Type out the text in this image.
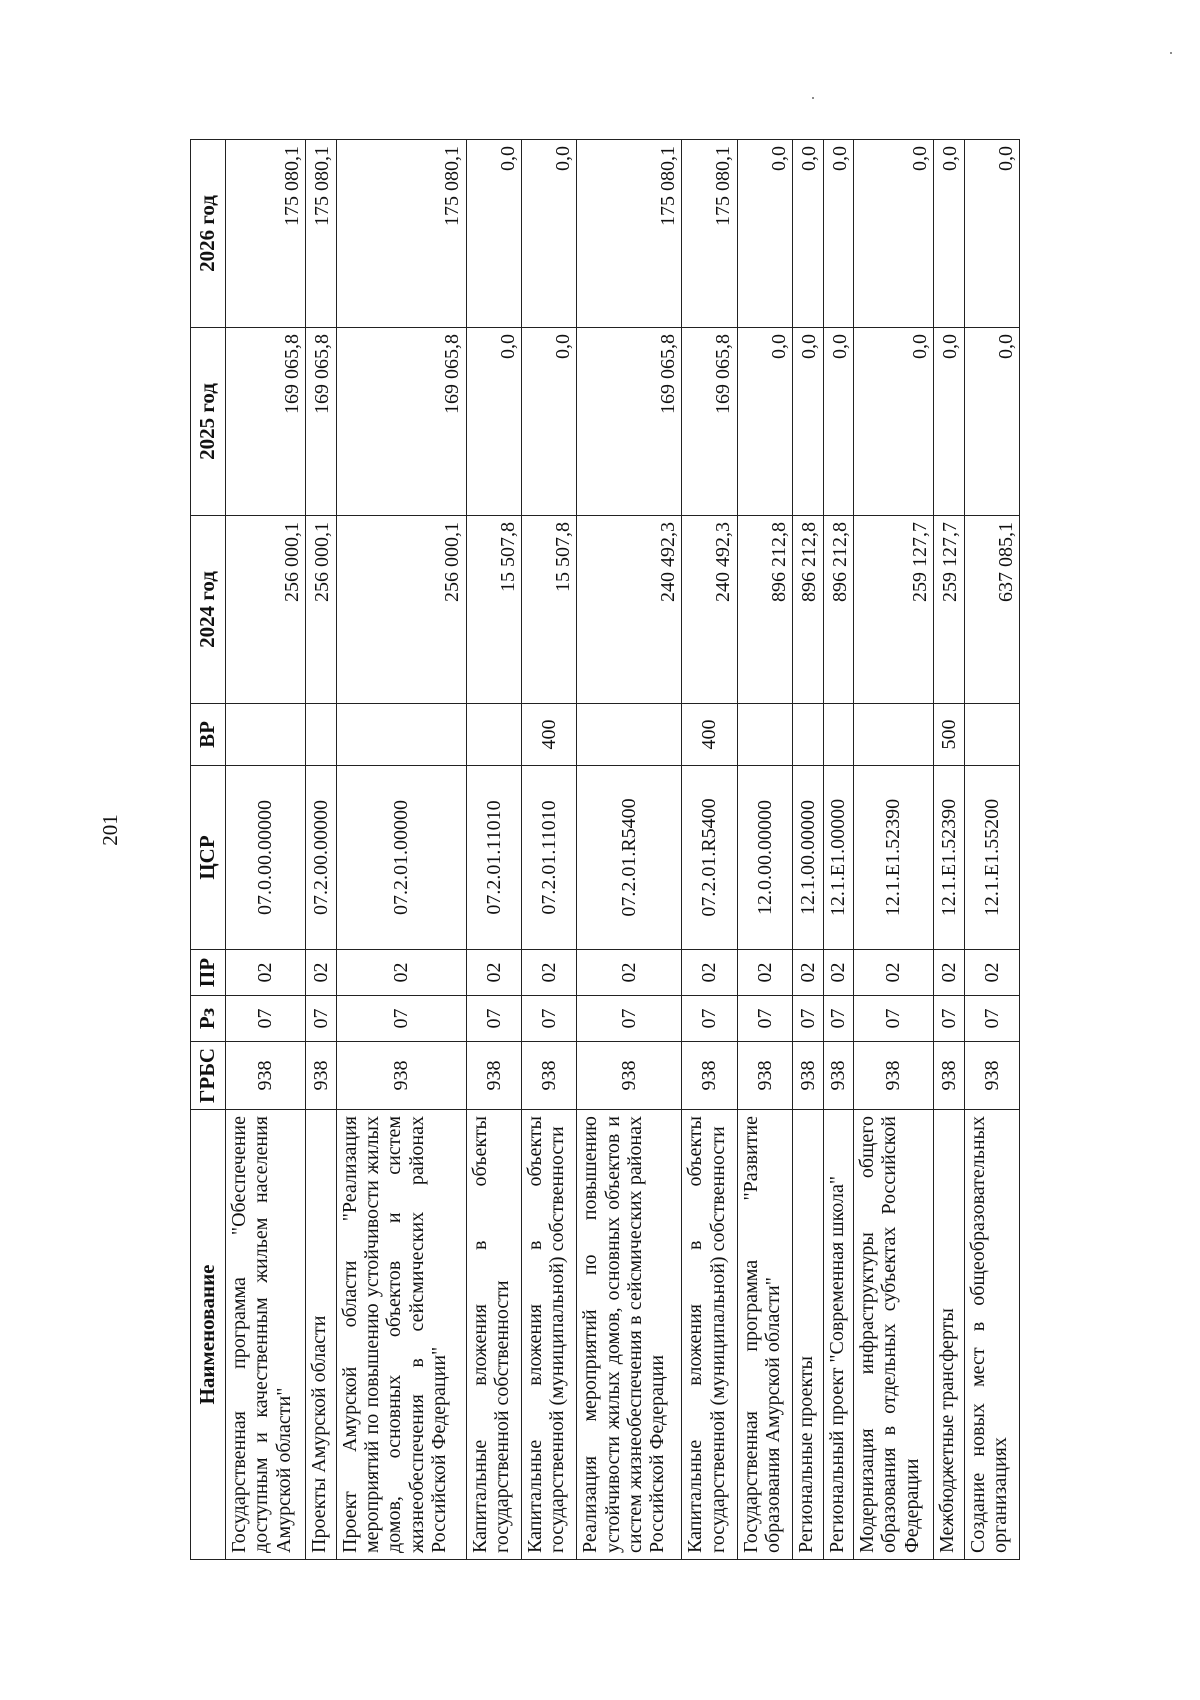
201
Наименование	ГРБС	Рз	ПР	ЦСР	ВР	2024 год	2025 год	2026 год
Государственная программа "Обеспечение доступным и качественным жильем населения Амурской области"	938	07	02	07.0.00.00000		256 000,1	169 065,8	175 080,1
Проекты Амурской области	938	07	02	07.2.00.00000		256 000,1	169 065,8	175 080,1
Проект Амурской области "Реализация мероприятий по повышению устойчивости жилых домов, основных объектов и систем жизнеобеспечения в сейсмических районах Российской Федерации"	938	07	02	07.2.01.00000		256 000,1	169 065,8	175 080,1
Капитальные вложения в объекты государственной собственности	938	07	02	07.2.01.11010		15 507,8	0,0	0,0
Капитальные вложения в объекты государственной (муниципальной) собственности	938	07	02	07.2.01.11010	400	15 507,8	0,0	0,0
Реализация мероприятий по повышению устойчивости жилых домов, основных объектов и систем жизнеобеспечения в сейсмических районах Российской Федерации	938	07	02	07.2.01.R5400		240 492,3	169 065,8	175 080,1
Капитальные вложения в объекты государственной (муниципальной) собственности	938	07	02	07.2.01.R5400	400	240 492,3	169 065,8	175 080,1
Государственная программа "Развитие образования Амурской области"	938	07	02	12.0.00.00000		896 212,8	0,0	0,0
Региональные проекты	938	07	02	12.1.00.00000		896 212,8	0,0	0,0
Региональный проект "Современная школа"	938	07	02	12.1.E1.00000		896 212,8	0,0	0,0
Модернизация инфраструктуры общего образования в отдельных субъектах Российской Федерации	938	07	02	12.1.E1.52390		259 127,7	0,0	0,0
Межбюджетные трансферты	938	07	02	12.1.E1.52390	500	259 127,7	0,0	0,0
Создание новых мест в общеобразовательных организациях	938	07	02	12.1.E1.55200		637 085,1	0,0	0,0
